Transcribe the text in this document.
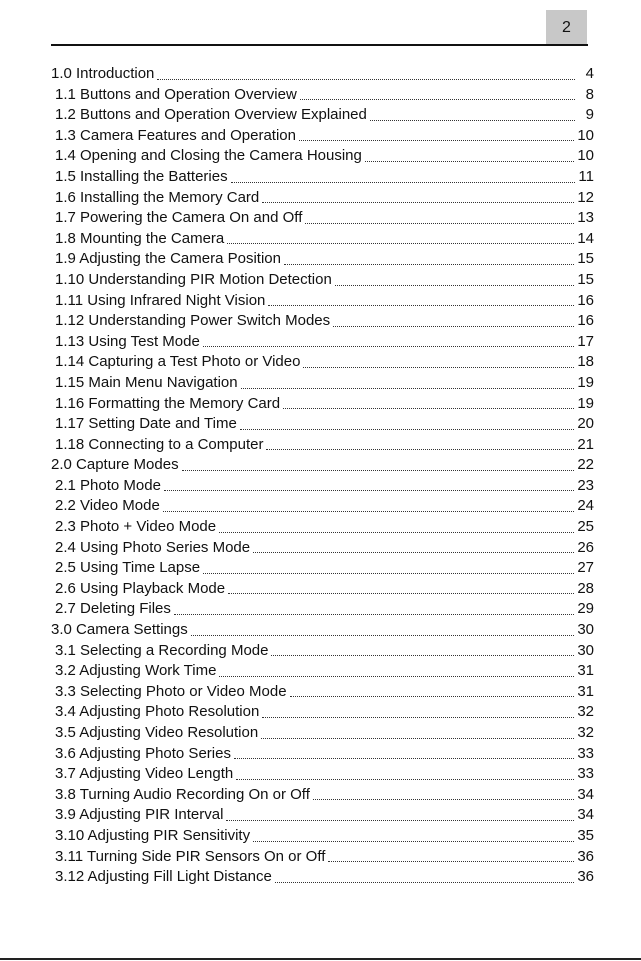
2
1.0 Introduction	4
1.1 Buttons and Operation Overview	8
1.2 Buttons and Operation Overview Explained	9
1.3 Camera Features and Operation	10
1.4 Opening and Closing the Camera Housing	10
1.5 Installing the Batteries	11
1.6 Installing the Memory Card	12
1.7 Powering the Camera On and Off	13
1.8 Mounting the Camera	14
1.9 Adjusting the Camera Position	15
1.10 Understanding PIR Motion Detection	15
1.11 Using Infrared Night Vision	16
1.12 Understanding Power Switch Modes	16
1.13 Using Test Mode	17
1.14 Capturing a Test Photo or Video	18
1.15 Main Menu Navigation	19
1.16 Formatting the Memory Card	19
1.17 Setting Date and Time	20
1.18 Connecting to a Computer	21
2.0 Capture Modes	22
2.1 Photo Mode	23
2.2 Video Mode	24
2.3 Photo + Video Mode	25
2.4 Using Photo Series Mode	26
2.5 Using Time Lapse	27
2.6 Using Playback Mode	28
2.7 Deleting Files	29
3.0 Camera Settings	30
3.1 Selecting a Recording Mode	30
3.2 Adjusting Work Time	31
3.3 Selecting Photo or Video Mode	31
3.4 Adjusting Photo Resolution	32
3.5 Adjusting Video Resolution	32
3.6 Adjusting Photo Series	33
3.7 Adjusting Video Length	33
3.8 Turning Audio Recording On or Off	34
3.9 Adjusting PIR Interval	34
3.10 Adjusting PIR Sensitivity	35
3.11 Turning Side PIR Sensors On or Off	36
3.12 Adjusting Fill Light Distance	36
